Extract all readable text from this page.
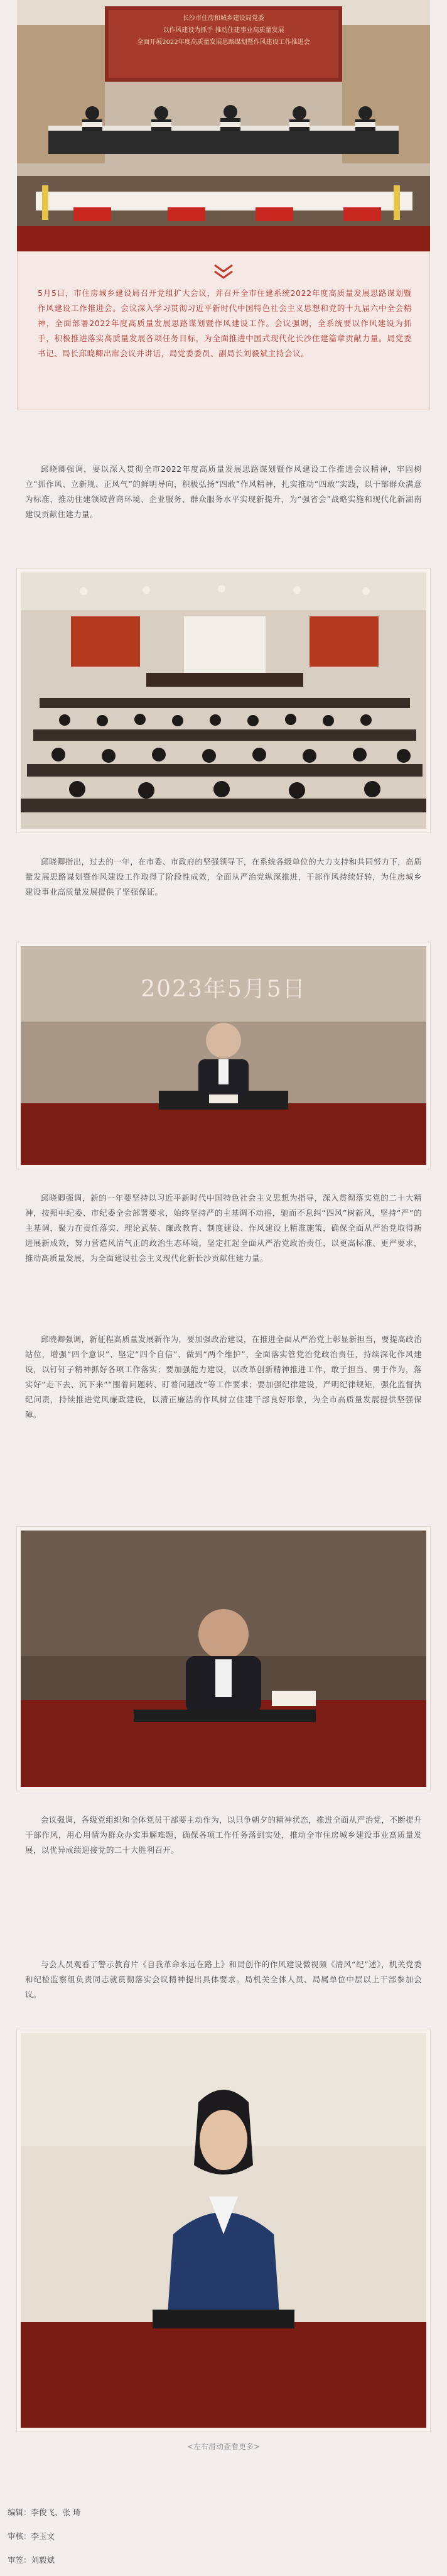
长沙市住房和城乡建设局党委
以作风建设为抓手 推动住建事业高质量发展
全面开展2022年度高质量发展思路谋划暨作风建设工作推进会
5月5日，市住房城乡建设局召开党组扩大会议，并召开全市住建系统2022年度高质量发展思路谋划暨作风建设工作推进会。会议深入学习贯彻习近平新时代中国特色社会主义思想和党的十九届六中全会精神，全面部署2022年度高质量发展思路谋划暨作风建设工作。会议强调，全系统要以作风建设为抓手，积极推进落实高质量发展各项任务目标，为全面推进中国式现代化长沙住建篇章贡献力量。局党委书记、局长邱晓卿出席会议并讲话，局党委委员、副局长刘毅斌主持会议。

邱晓卿强调，要以深入贯彻全市2022年度高质量发展思路谋划暨作风建设工作推进会议精神，牢固树立“抓作风、立新规、正风气”的鲜明导向，积极弘扬“四敢”作风精神，扎实推动“四敢”实践，以干部群众满意为标准，推动住建领域营商环境、企业服务、群众服务水平实现新提升，为“强省会”战略实施和现代化新湖南建设贡献住建力量。

邱晓卿指出，过去的一年，在市委、市政府的坚强领导下，在系统各级单位的大力支持和共同努力下，高质量发展思路谋划暨作风建设工作取得了阶段性成效，全面从严治党纵深推进，干部作风持续好转，为住房城乡建设事业高质量发展提供了坚强保证。

2023年5月5日

邱晓卿强调，新的一年要坚持以习近平新时代中国特色社会主义思想为指导，深入贯彻落实党的二十大精神，按照中纪委、市纪委全会部署要求，始终坚持严的主基调不动摇，驰而不息纠“四风”树新风，坚持“严”的主基调，聚力在责任落实、理论武装、廉政教育、制度建设、作风建设上精准施策，确保全面从严治党取得新进展新成效，努力营造风清气正的政治生态环境，坚定扛起全面从严治党政治责任，以更高标准、更严要求，推动高质量发展，为全面建设社会主义现代化新长沙贡献住建力量。

邱晓卿强调，新征程高质量发展新作为，要加强政治建设，在推进全面从严治党上彰显新担当，要提高政治站位，增强“四个意识”、坚定“四个自信”、做到“两个维护”，全面落实管党治党政治责任，持续深化作风建设，以钉钉子精神抓好各项工作落实；要加强能力建设，以改革创新精神推进工作，敢于担当、勇于作为，落实好“走下去、沉下来”“围着问题转、盯着问题改”等工作要求；要加强纪律建设，严明纪律规矩，强化监督执纪问责，持续推进党风廉政建设，以清正廉洁的作风树立住建干部良好形象，为全市高质量发展提供坚强保障。

会议强调，各级党组织和全体党员干部要主动作为，以只争朝夕的精神状态，推进全面从严治党，不断提升干部作风，用心用情为群众办实事解难题，确保各项工作任务落到实处，推动全市住房城乡建设事业高质量发展，以优异成绩迎接党的二十大胜利召开。

与会人员观看了警示教育片《自我革命永远在路上》和局创作的作风建设微视频《清风“纪”述》，机关党委和纪检监察组负责同志就贯彻落实会议精神提出具体要求。局机关全体人员、局属单位中层以上干部参加会议。

<左右滑动查看更多>
编辑：李俊飞、张 琦
审核：李玉文
审签：刘毅斌
